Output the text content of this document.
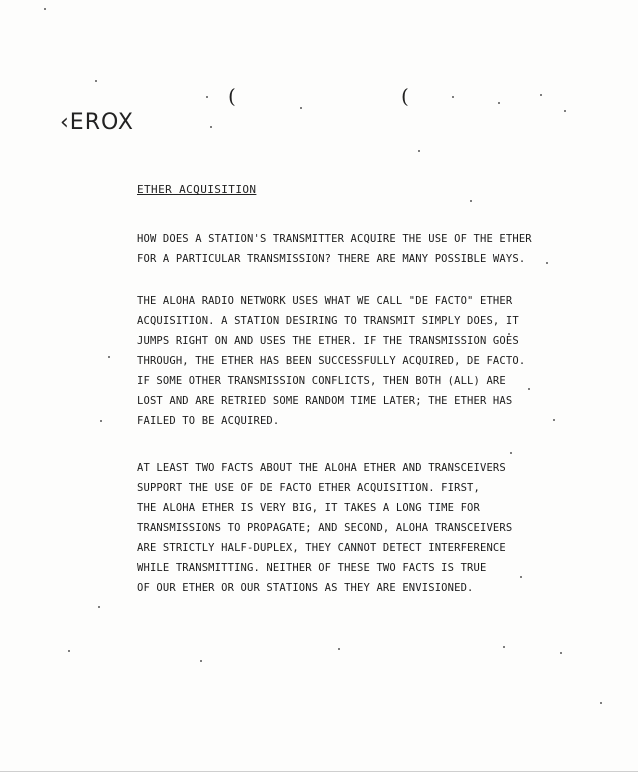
(	(
‹EROX
ETHER ACQUISITION
HOW DOES A STATION'S TRANSMITTER ACQUIRE THE USE OF THE ETHER
FOR A PARTICULAR TRANSMISSION? THERE ARE MANY POSSIBLE WAYS.
THE ALOHA RADIO NETWORK USES WHAT WE CALL "DE FACTO" ETHER
ACQUISITION. A STATION DESIRING TO TRANSMIT SIMPLY DOES, IT
JUMPS RIGHT ON AND USES THE ETHER. IF THE TRANSMISSION GOES
THROUGH, THE ETHER HAS BEEN SUCCESSFULLY ACQUIRED, DE FACTO.
IF SOME OTHER TRANSMISSION CONFLICTS, THEN BOTH (ALL) ARE
LOST AND ARE RETRIED SOME RANDOM TIME LATER; THE ETHER HAS
FAILED TO BE ACQUIRED.
AT LEAST TWO FACTS ABOUT THE ALOHA ETHER AND TRANSCEIVERS
SUPPORT THE USE OF DE FACTO ETHER ACQUISITION. FIRST,
THE ALOHA ETHER IS VERY BIG, IT TAKES A LONG TIME FOR
TRANSMISSIONS TO PROPAGATE; AND SECOND, ALOHA TRANSCEIVERS
ARE STRICTLY HALF-DUPLEX, THEY CANNOT DETECT INTERFERENCE
WHILE TRANSMITTING. NEITHER OF THESE TWO FACTS IS TRUE
OF OUR ETHER OR OUR STATIONS AS THEY ARE ENVISIONED.
